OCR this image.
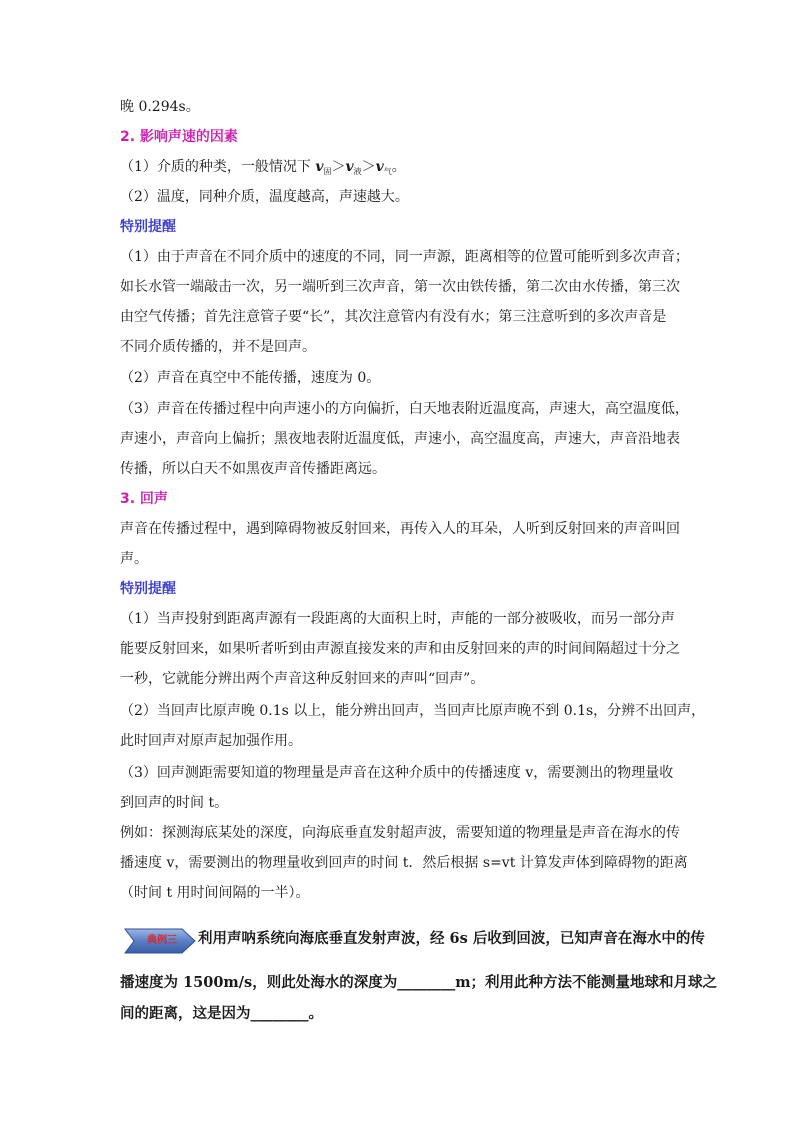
晚 0.294s。
2. 影响声速的因素
（1）介质的种类，一般情况下 $v_固>v_液>v_气$。
（2）温度，同种介质，温度越高，声速越大。
特别提醒
（1）由于声音在不同介质中的速度的不同，同一声源，距离相等的位置可能听到多次声音；
如长水管一端敲击一次，另一端听到三次声音，第一次由铁传播，第二次由水传播，第三次
由空气传播；首先注意管子要“长”，其次注意管内有没有水；第三注意听到的多次声音是
不同介质传播的，并不是回声。
（2）声音在真空中不能传播，速度为 0。
（3）声音在传播过程中向声速小的方向偏折，白天地表附近温度高，声速大，高空温度低，
声速小，声音向上偏折；黑夜地表附近温度低，声速小，高空温度高，声速大，声音沿地表
传播，所以白天不如黑夜声音传播距离远。
3. 回声
声音在传播过程中，遇到障碍物被反射回来，再传入人的耳朵，人听到反射回来的声音叫回
声。
特别提醒
（1）当声投射到距离声源有一段距离的大面积上时，声能的一部分被吸收，而另一部分声
能要反射回来，如果听者听到由声源直接发来的声和由反射回来的声的时间间隔超过十分之
一秒，它就能分辨出两个声音这种反射回来的声叫“回声”。
（2）当回声比原声晚 0.1s 以上，能分辨出回声，当回声比原声晚不到 0.1s，分辨不出回声，
此时回声对原声起加强作用。
（3）回声测距需要知道的物理量是声音在这种介质中的传播速度 v，需要测出的物理量收
到回声的时间 t。
例如：探测海底某处的深度，向海底垂直发射超声波，需要知道的物理量是声音在海水的传
播速度 v，需要测出的物理量收到回声的时间 t．然后根据 s=vt 计算发声体到障碍物的距离
（时间 t 用时间间隔的一半）。
典例三	利用声呐系统向海底垂直发射声波，经 6s 后收到回波，已知声音在海水中的传
播速度为 1500m/s，则此处海水的深度为________m；利用此种方法不能测量地球和月球之
间的距离，这是因为________。
